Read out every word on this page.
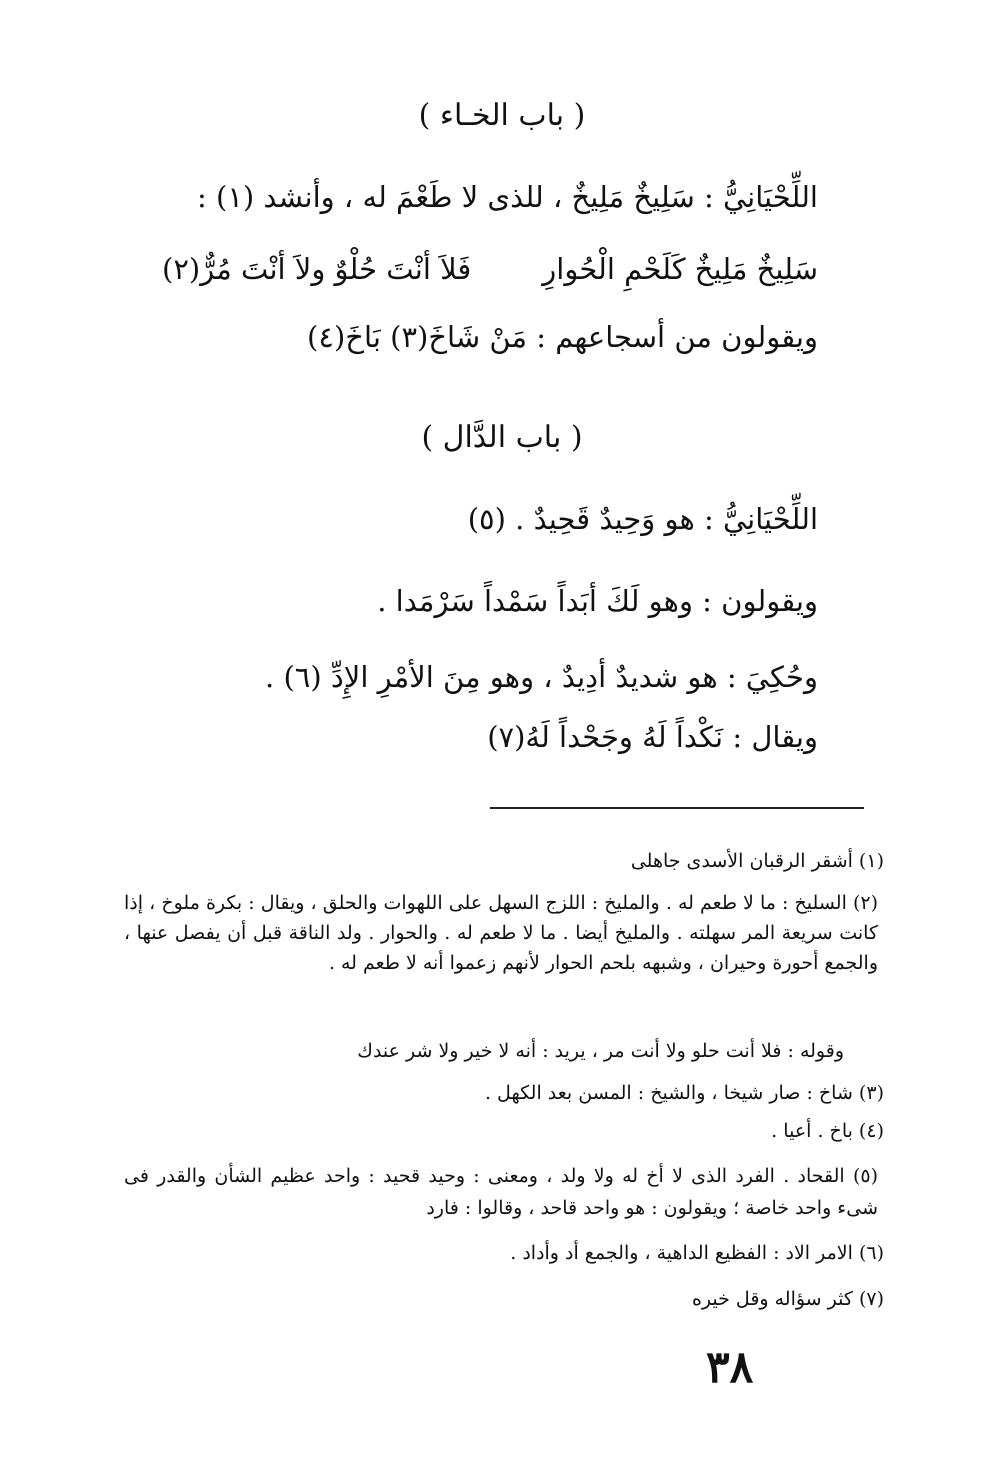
( باب الخـاء )
اللِّحْيَانِيُّ : سَلِيخٌ مَلِيخٌ ، للذى لا طَعْمَ له ، وأنشد (١) :
سَلِيخٌ مَلِيخٌ كَلَحْمِ الْحُوارِ
فَلاَ أنْتَ حُلْوٌ ولاَ أنْتَ مُرٌّ(٢)
ويقولون من أسجاعهم : مَنْ شَاخَ(٣) بَاخَ(٤)
( باب الدَّال )
اللِّحْيَانِيُّ : هو وَحِيدٌ قَحِيدٌ . (٥)
ويقولون : وهو لَكَ أبَداً سَمْداً سَرْمَدا .
وحُكِيَ : هو شديدٌ أدِيدٌ ، وهو مِنَ الأمْرِ الإِدِّ (٦) .
ويقال : نَكْداً لَهُ وجَحْداً لَهُ(٧)
(١) أشقر الرقبان الأسدى جاهلى
(٢) السليخ : ما لا طعم له . والمليخ : اللزج السهل على اللهوات والحلق ، ويقال : بكرة ملوخ ، إذا كانت سريعة المر سهلته . والمليخ أيضا . ما لا طعم له . والحوار . ولد الناقة قبل أن يفصل عنها ، والجمع أحورة وحيران ، وشبهه بلحم الحوار لأنهم زعموا أنه لا طعم له .
وقوله : فلا أنت حلو ولا أنت مر ، يريد : أنه لا خير ولا شر عندك
(٣) شاخ : صار شيخا ، والشيخ : المسن بعد الكهل .
(٤) باخ . أعيا .
(٥) القحاد . الفرد الذى لا أخ له ولا ولد ، ومعنى : وحيد قحيد : واحد عظيم الشأن والقدر فى شىء واحد خاصة ؛ ويقولون : هو واحد قاحد ، وقالوا : فارد
(٦) الامر الاد : الفظيع الداهية ، والجمع أد وأداد .
(٧) كثر سؤاله وقل خيره
٣٨
